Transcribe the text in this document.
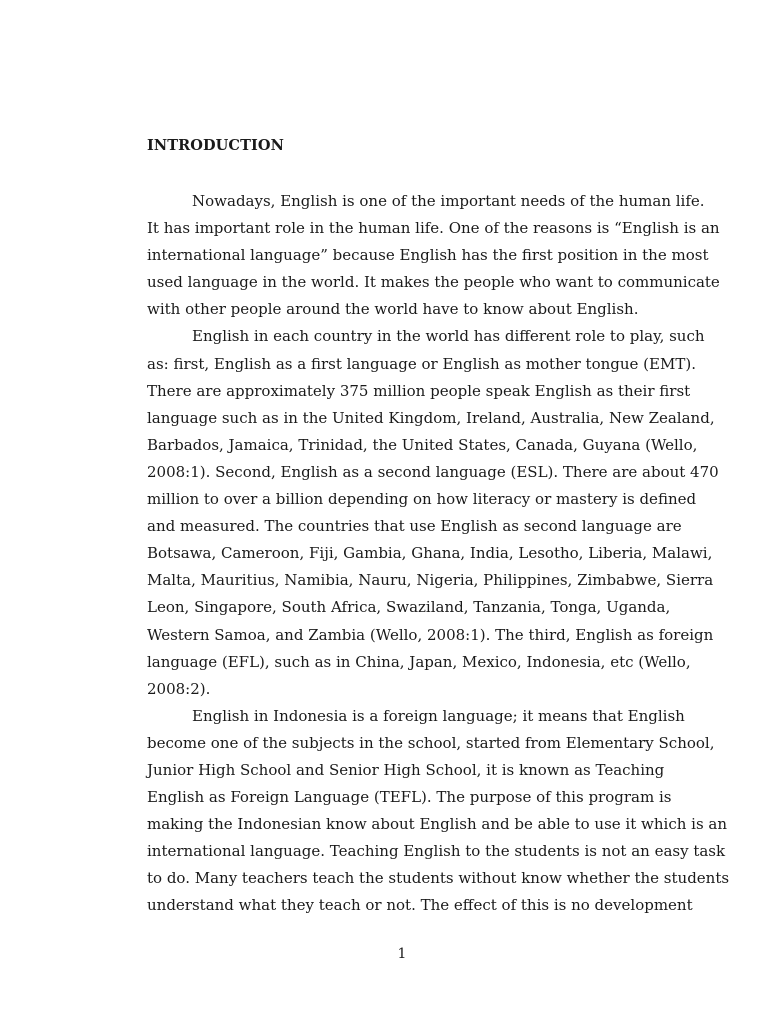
INTRODUCTION
Nowadays, English is one of the important needs of the human life.
It has important role in the human life. One of the reasons is “English is an
international language” because English has the first position in the most
used language in the world. It makes the people who want to communicate
with other people around the world have to know about English.
English in each country in the world has different role to play, such
as: first, English as a first language or English as mother tongue (EMT).
There are approximately 375 million people speak English as their first
language such as in the United Kingdom, Ireland, Australia, New Zealand,
Barbados, Jamaica, Trinidad, the United States, Canada, Guyana (Wello,
2008:1). Second, English as a second language (ESL). There are about 470
million to over a billion depending on how literacy or mastery is defined
and measured. The countries that use English as second language are
Botsawa, Cameroon, Fiji, Gambia, Ghana, India, Lesotho, Liberia, Malawi,
Malta, Mauritius, Namibia, Nauru, Nigeria, Philippines, Zimbabwe, Sierra
Leon, Singapore, South Africa, Swaziland, Tanzania, Tonga, Uganda,
Western Samoa, and Zambia (Wello, 2008:1). The third, English as foreign
language (EFL), such as in China, Japan, Mexico, Indonesia, etc (Wello,
2008:2).
English in Indonesia is a foreign language; it means that English
become one of the subjects in the school, started from Elementary School,
Junior High School and Senior High School, it is known as Teaching
English as Foreign Language (TEFL). The purpose of this program is
making the Indonesian know about English and be able to use it which is an
international language. Teaching English to the students is not an easy task
to do. Many teachers teach the students without know whether the students
understand what they teach or not. The effect of this is no development
1
